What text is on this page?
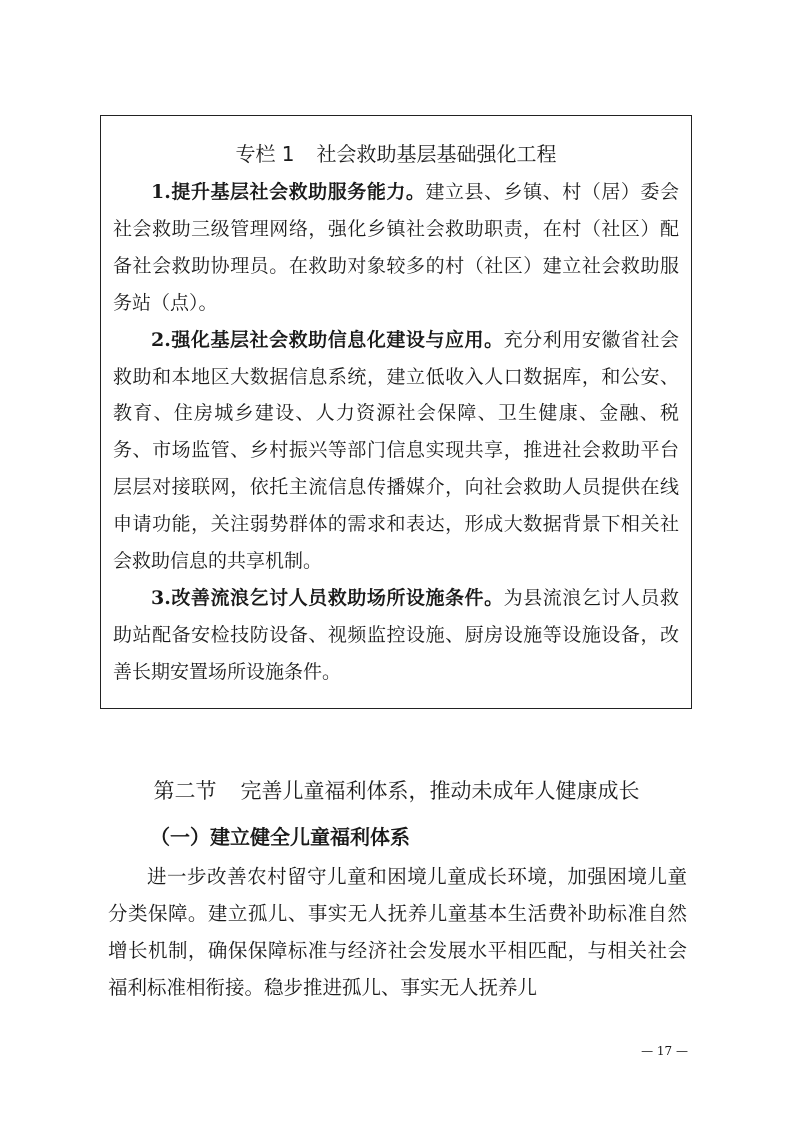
专栏 1 社会救助基层基础强化工程

1.提升基层社会救助服务能力。建立县、乡镇、村（居）委会社会救助三级管理网络，强化乡镇社会救助职责，在村（社区）配备社会救助协理员。在救助对象较多的村（社区）建立社会救助服务站（点）。

2.强化基层社会救助信息化建设与应用。充分利用安徽省社会救助和本地区大数据信息系统，建立低收入人口数据库，和公安、教育、住房城乡建设、人力资源社会保障、卫生健康、金融、税务、市场监管、乡村振兴等部门信息实现共享，推进社会救助平台层层对接联网，依托主流信息传播媒介，向社会救助人员提供在线申请功能，关注弱势群体的需求和表达，形成大数据背景下相关社会救助信息的共享机制。

3.改善流浪乞讨人员救助场所设施条件。为县流浪乞讨人员救助站配备安检技防设备、视频监控设施、厨房设施等设施设备，改善长期安置场所设施条件。

第二节 完善儿童福利体系，推动未成年人健康成长
（一）建立健全儿童福利体系

进一步改善农村留守儿童和困境儿童成长环境，加强困境儿童分类保障。建立孤儿、事实无人抚养儿童基本生活费补助标准自然增长机制，确保保障标准与经济社会发展水平相匹配，与相关社会福利标准相衔接。稳步推进孤儿、事实无人抚养儿

— 17 —
